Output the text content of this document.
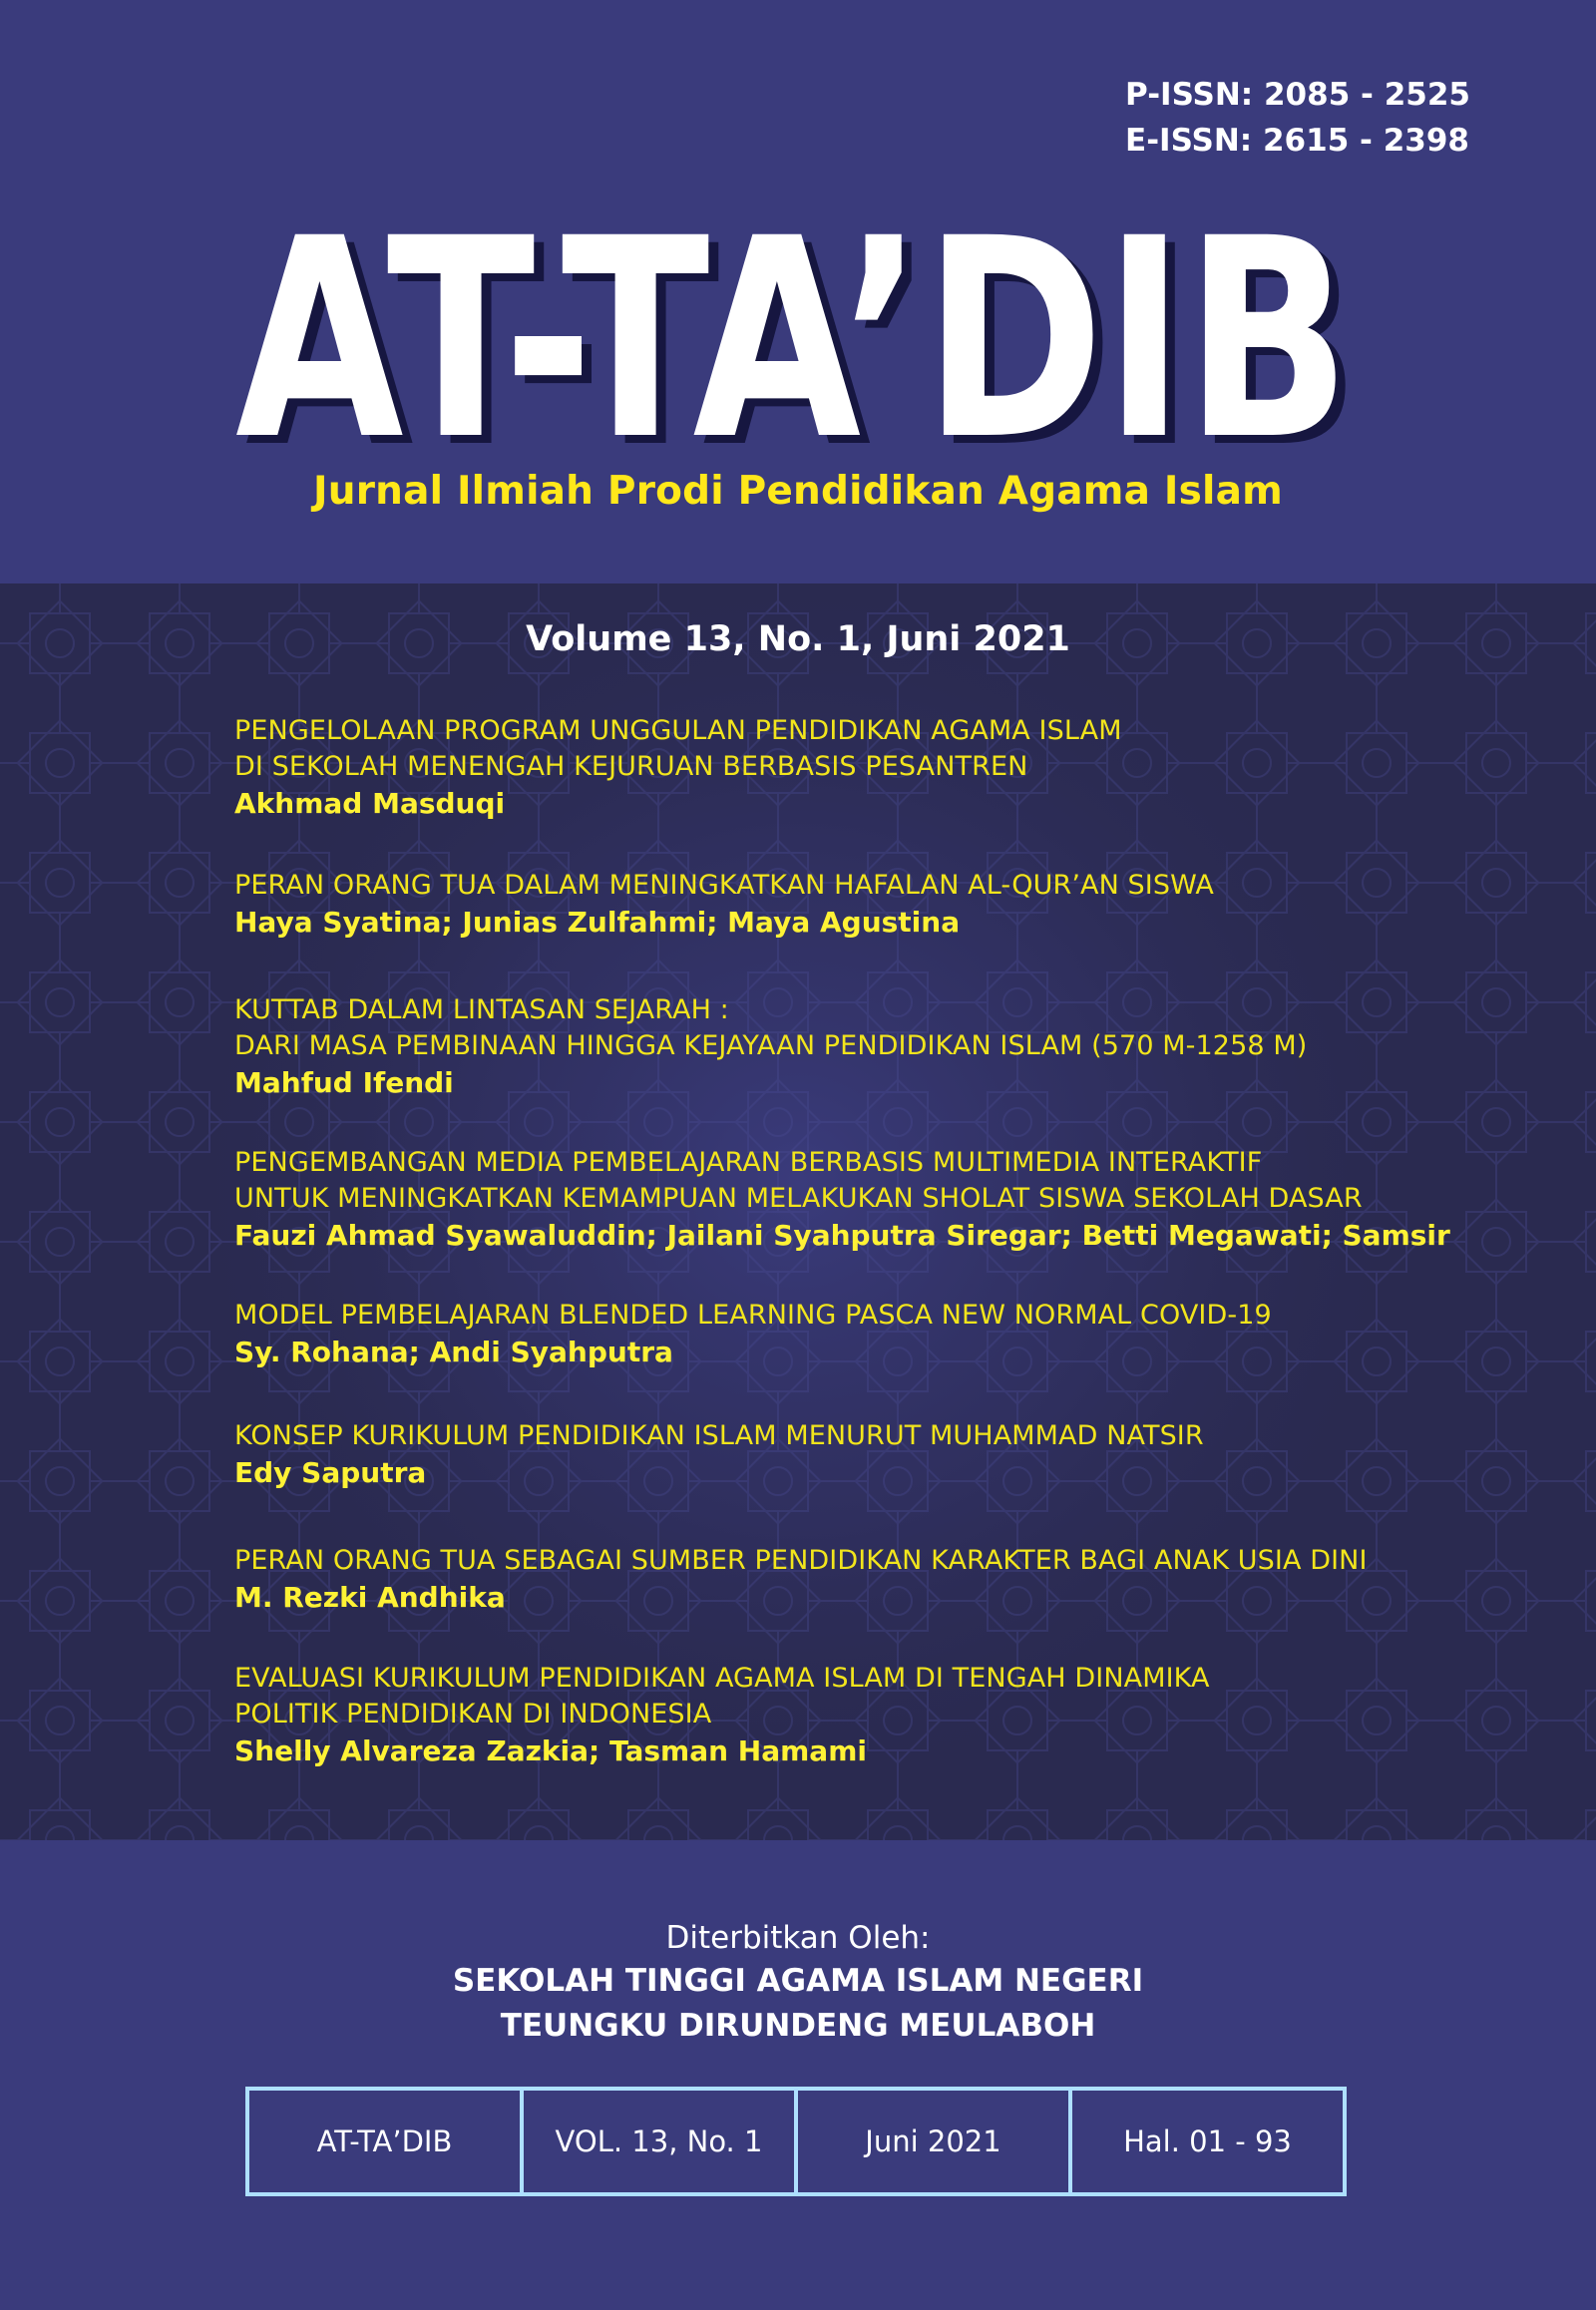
P-ISSN: 2085 - 2525
E-ISSN: 2615 - 2398
AT-TA’DIB
AT-TA’DIB
Jurnal Ilmiah Prodi Pendidikan Agama Islam
Volume 13, No. 1, Juni 2021
PENGELOLAAN PROGRAM UNGGULAN PENDIDIKAN AGAMA ISLAM
DI SEKOLAH MENENGAH KEJURUAN BERBASIS PESANTREN
Akhmad Masduqi
PERAN ORANG TUA DALAM MENINGKATKAN HAFALAN AL-QUR’AN SISWA
Haya Syatina; Junias Zulfahmi; Maya Agustina
KUTTAB DALAM LINTASAN SEJARAH :
DARI MASA PEMBINAAN HINGGA KEJAYAAN PENDIDIKAN ISLAM (570 M-1258 M)
Mahfud Ifendi
PENGEMBANGAN MEDIA PEMBELAJARAN BERBASIS MULTIMEDIA INTERAKTIF
UNTUK MENINGKATKAN KEMAMPUAN MELAKUKAN SHOLAT SISWA SEKOLAH DASAR
Fauzi Ahmad Syawaluddin; Jailani Syahputra Siregar; Betti Megawati; Samsir
MODEL PEMBELAJARAN BLENDED LEARNING PASCA NEW NORMAL COVID-19
Sy. Rohana; Andi Syahputra
KONSEP KURIKULUM PENDIDIKAN ISLAM MENURUT MUHAMMAD NATSIR
Edy Saputra
PERAN ORANG TUA SEBAGAI SUMBER PENDIDIKAN KARAKTER BAGI ANAK USIA DINI
M. Rezki Andhika
EVALUASI KURIKULUM PENDIDIKAN AGAMA ISLAM DI TENGAH DINAMIKA
POLITIK PENDIDIKAN DI INDONESIA
Shelly Alvareza Zazkia; Tasman Hamami
Diterbitkan Oleh:
SEKOLAH TINGGI AGAMA ISLAM NEGERI
TEUNGKU DIRUNDENG MEULABOH
AT-TA’DIB	VOL. 13, No. 1	Juni 2021	Hal. 01 - 93
